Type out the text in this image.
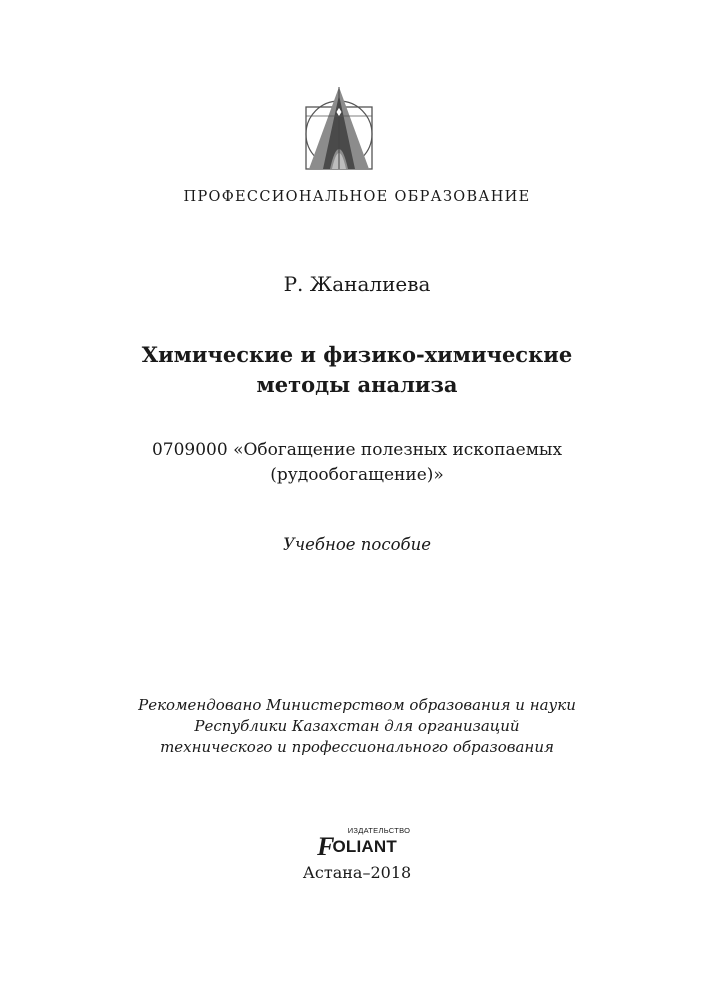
ПРОФЕССИОНАЛЬНОЕ ОБРАЗОВАНИЕ
Р. Жаналиева
Химические и физико-химические
методы анализа
0709000 «Обогащение полезных ископаемых
(рудообогащение)»
Учебное пособие
Рекомендовано Министерством образования и науки
Республики Казахстан для организаций
технического и профессионального образования
ИЗДАТЕЛЬСТВО
F
OLIANT
Астана–2018
